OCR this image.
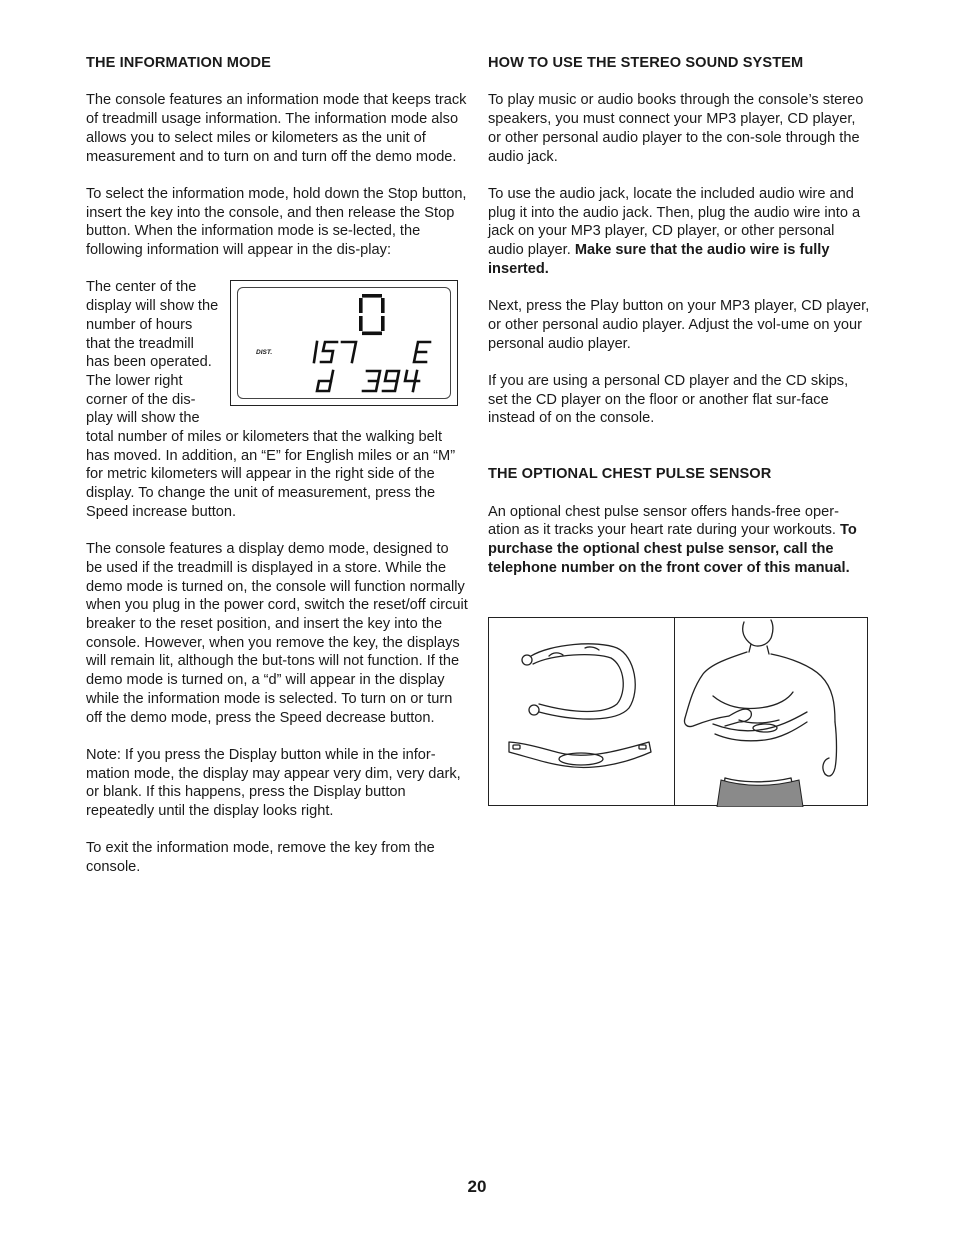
THE INFORMATION MODE

The console features an information mode that keeps track of treadmill usage information. The information mode also allows you to select miles or kilometers as the unit of measurement and to turn on and turn off the demo mode.

To select the information mode, hold down the Stop button, insert the key into the console, and then release the Stop button. When the information mode is se-lected, the following information will appear in the dis-play:

DIST.

The center of the display will show the number of hours that the treadmill has been operated. The lower right corner of the dis-play will show the total number of miles or kilometers that the walking belt has moved. In addition, an “E” for English miles or an “M” for metric kilometers will appear in the right side of the display. To change the unit of measurement, press the Speed increase button.

The console features a display demo mode, designed to be used if the treadmill is displayed in a store. While the demo mode is turned on, the console will function normally when you plug in the power cord, switch the reset/off circuit breaker to the reset position, and insert the key into the console. However, when you remove the key, the displays will remain lit, although the but-tons will not function. If the demo mode is turned on, a “d” will appear in the display while the information mode is selected. To turn on or turn off the demo mode, press the Speed decrease button.

Note: If you press the Display button while in the infor-mation mode, the display may appear very dim, very dark, or blank. If this happens, press the Display button repeatedly until the display looks right.

To exit the information mode, remove the key from the console.

HOW TO USE THE STEREO SOUND SYSTEM

To play music or audio books through the console’s stereo speakers, you must connect your MP3 player, CD player, or other personal audio player to the con-sole through the audio jack.

To use the audio jack, locate the included audio wire and plug it into the audio jack. Then, plug the audio wire into a jack on your MP3 player, CD player, or other personal audio player. Make sure that the audio wire is fully inserted.

Next, press the Play button on your MP3 player, CD player, or other personal audio player. Adjust the vol-ume on your personal audio player.

If you are using a personal CD player and the CD skips, set the CD player on the floor or another flat sur-face instead of on the console.

THE OPTIONAL CHEST PULSE SENSOR

An optional chest pulse sensor offers hands-free oper-ation as it tracks your heart rate during your workouts. To purchase the optional chest pulse sensor, call the telephone number on the front cover of this manual.

20
